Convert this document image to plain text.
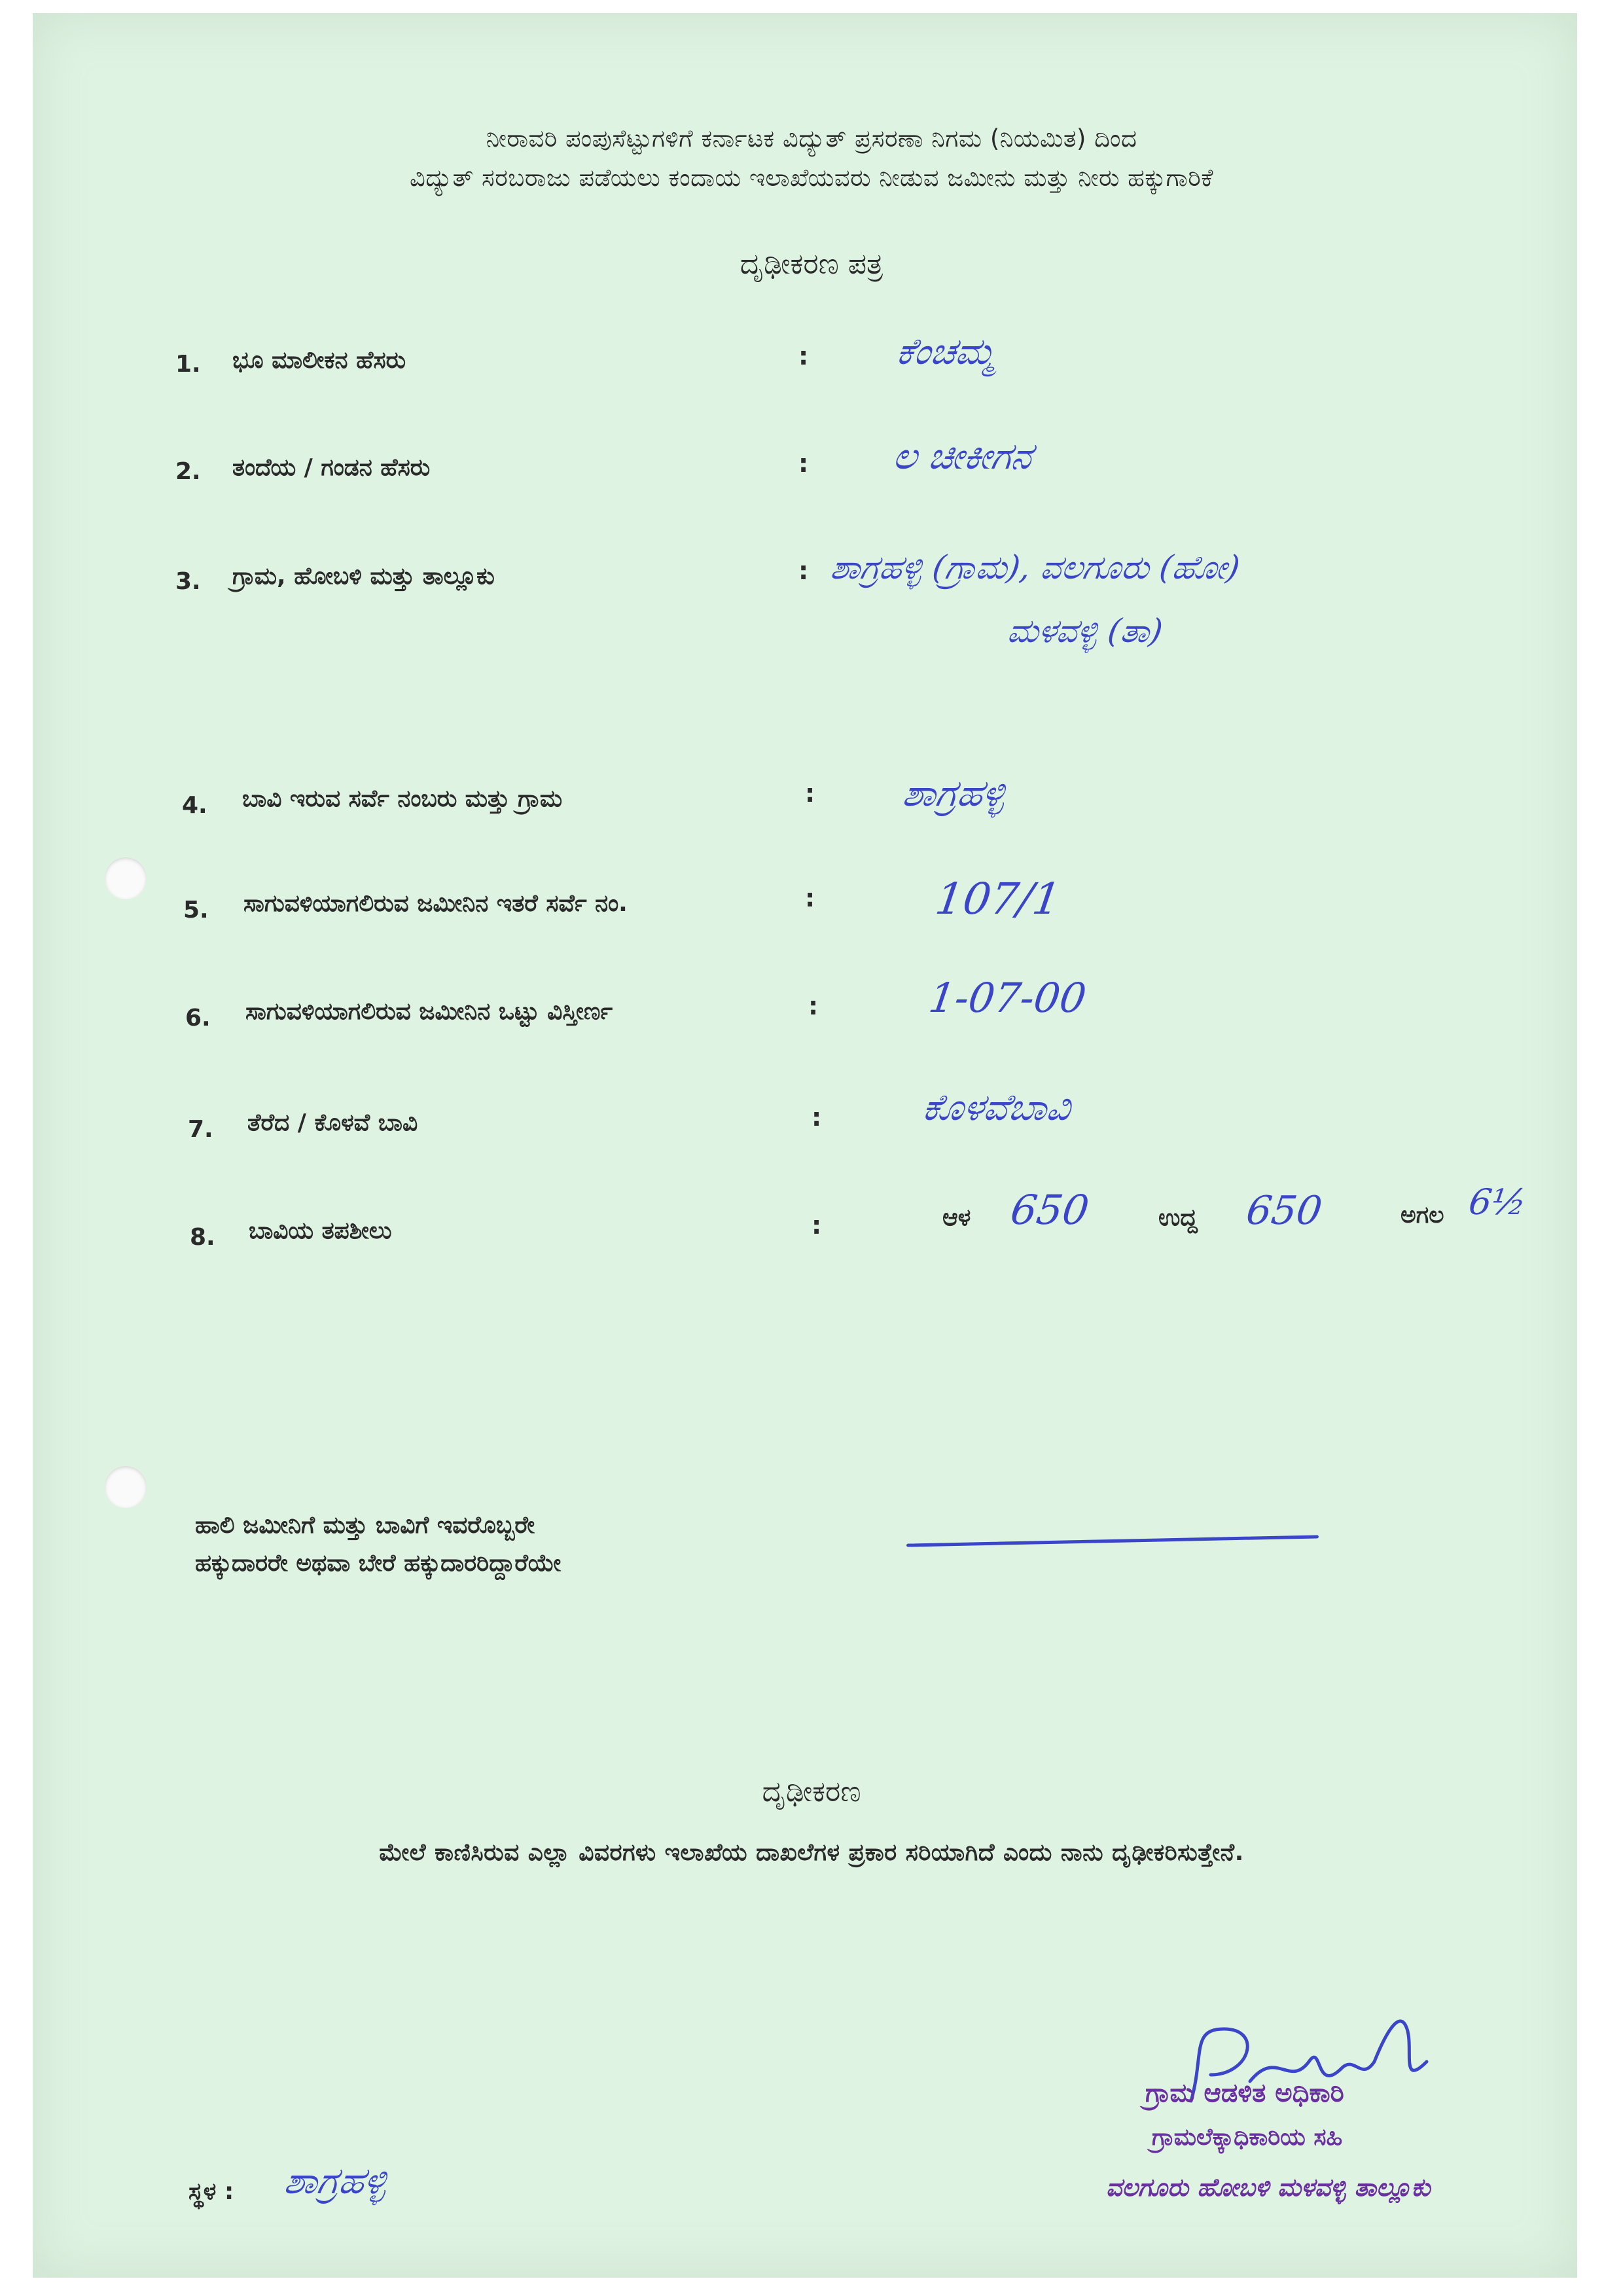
ನೀರಾವರಿ ಪಂಪುಸೆಟ್ಟುಗಳಿಗೆ ಕರ್ನಾಟಕ ವಿದ್ಯುತ್ ಪ್ರಸರಣಾ ನಿಗಮ (ನಿಯಮಿತ) ದಿಂದ
ವಿದ್ಯುತ್ ಸರಬರಾಜು ಪಡೆಯಲು ಕಂದಾಯ ಇಲಾಖೆಯವರು ನೀಡುವ ಜಮೀನು ಮತ್ತು ನೀರು ಹಕ್ಕುಗಾರಿಕೆ
ದೃಢೀಕರಣ ಪತ್ರ
1. ಭೂ ಮಾಲೀಕನ ಹೆಸರು	: ಕೆಂಚಮ್ಮ
2. ತಂದೆಯ / ಗಂಡನ ಹೆಸರು	: ಲ ಚೀಕೀಗನ
3. ಗ್ರಾಮ, ಹೋಬಳಿ ಮತ್ತು ತಾಲ್ಲೂಕು	: ಶಾಗ್ರಹಳ್ಳಿ (ಗ್ರಾಮ), ವಲಗೂರು (ಹೋ)
ಮಳವಳ್ಳಿ (ತಾ)
4. ಬಾವಿ ಇರುವ ಸರ್ವೆ ನಂಬರು ಮತ್ತು ಗ್ರಾಮ	: ಶಾಗ್ರಹಳ್ಳಿ
5. ಸಾಗುವಳಿಯಾಗಲಿರುವ ಜಮೀನಿನ ಇತರೆ ಸರ್ವೆ ನಂ.	:	107/1
6. ಸಾಗುವಳಿಯಾಗಲಿರುವ ಜಮೀನಿನ ಒಟ್ಟು ವಿಸ್ತೀರ್ಣ	:	1-07-00
7. ತೆರೆದ / ಕೊಳವೆ ಬಾವಿ	:	ಕೊಳವೆಬಾವಿ
8. ಬಾವಿಯ ತಪಶೀಲು	:	ಆಳ 650	ಉದ್ದ 650	ಅಗಲ 6½
ಹಾಲಿ ಜಮೀನಿಗೆ ಮತ್ತು ಬಾವಿಗೆ ಇವರೊಬ್ಬರೇ
ಹಕ್ಕುದಾರರೇ ಅಥವಾ ಬೇರೆ ಹಕ್ಕುದಾರರಿದ್ದಾರೆಯೇ
ದೃಢೀಕರಣ
ಮೇಲೆ ಕಾಣಿಸಿರುವ ಎಲ್ಲಾ ವಿವರಗಳು ಇಲಾಖೆಯ ದಾಖಲೆಗಳ ಪ್ರಕಾರ ಸರಿಯಾಗಿದೆ ಎಂದು ನಾನು ದೃಢೀಕರಿಸುತ್ತೇನೆ.
ಗ್ರಾಮ ಆಡಳಿತ ಅಧಿಕಾರಿ
ಗ್ರಾಮಲೆಕ್ಕಾಧಿಕಾರಿಯ ಸಹಿ
ವಲಗೂರು ಹೋಬಳಿ ಮಳವಳ್ಳಿ ತಾಲ್ಲೂಕು
ಸ್ಥಳ : ಶಾಗ್ರಹಳ್ಳಿ
